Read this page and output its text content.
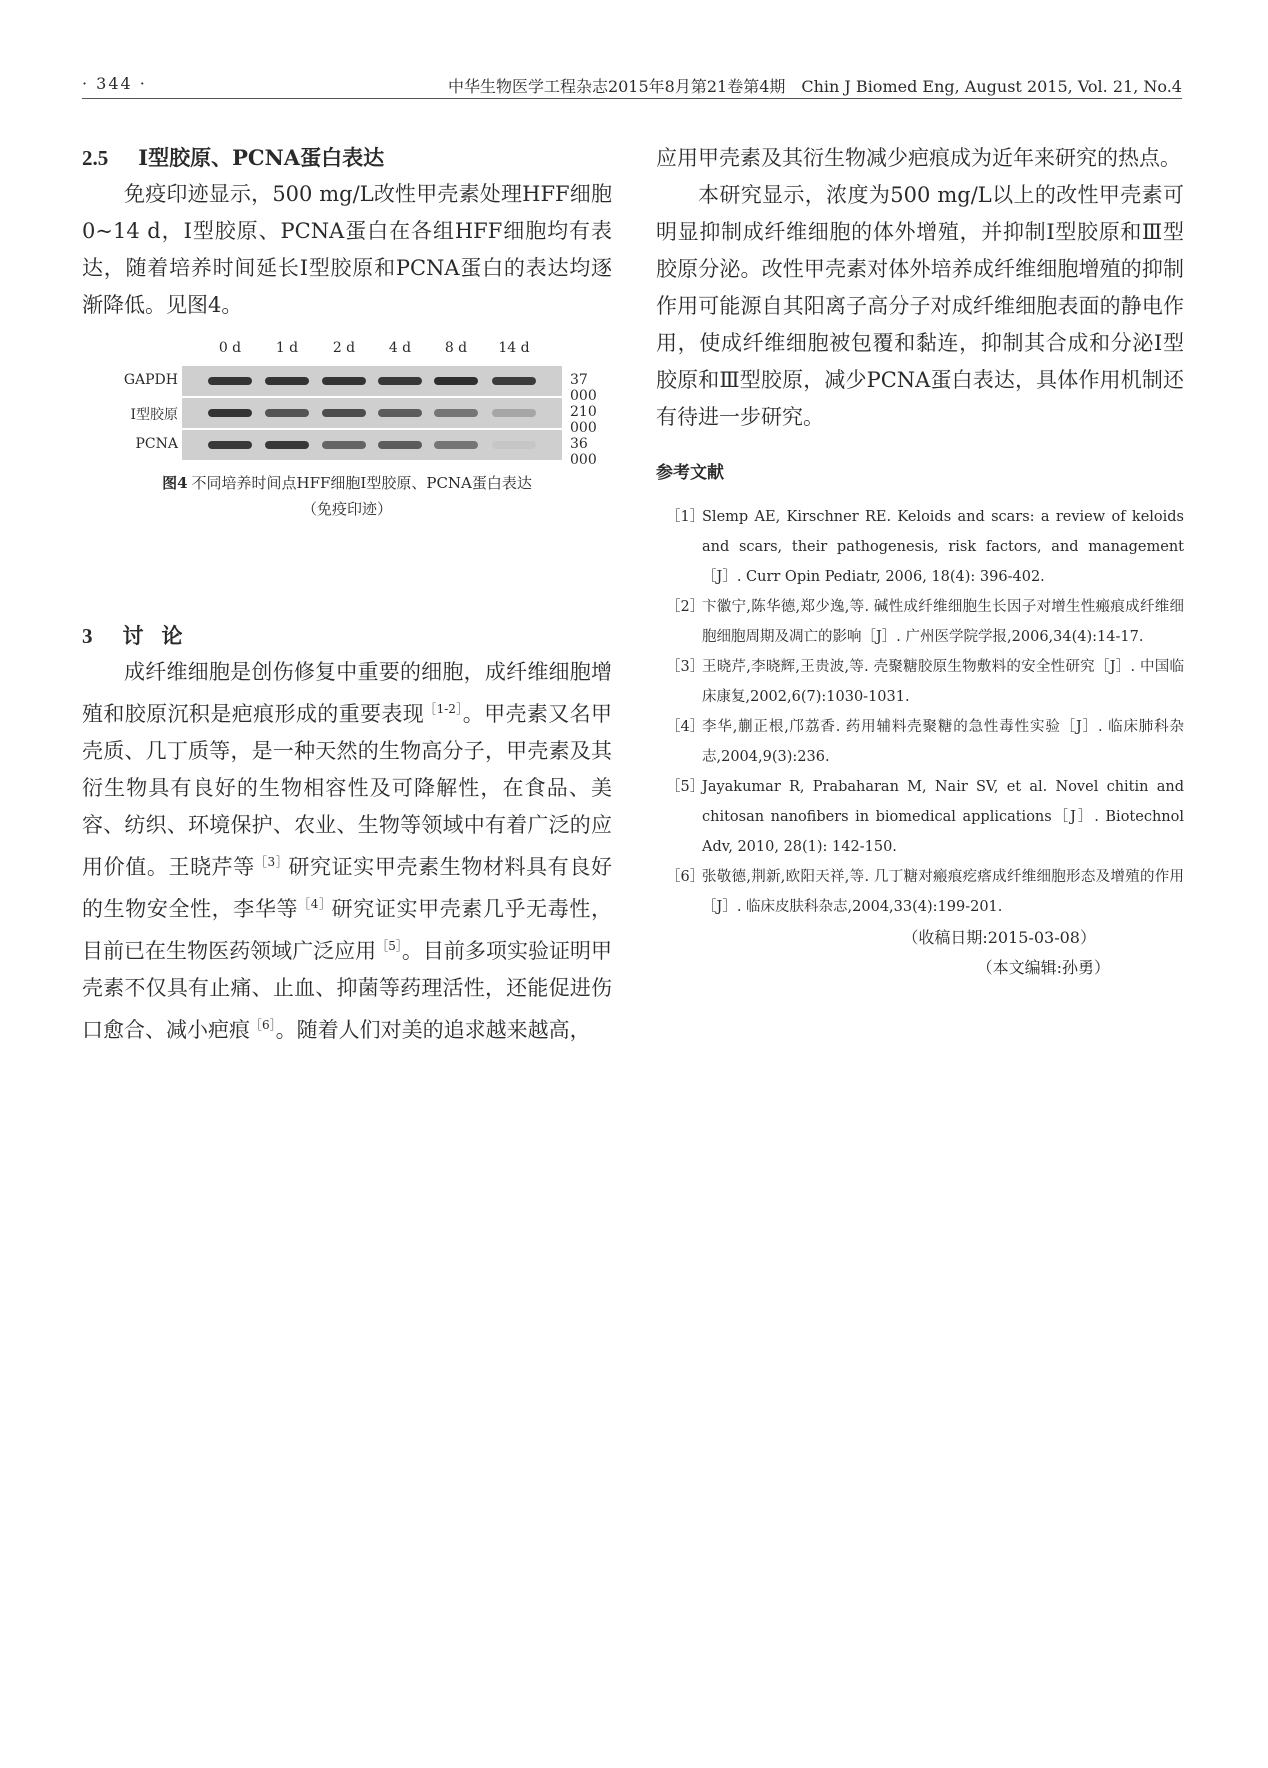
· 344 ·	中华生物医学工程杂志2015年8月第21卷第4期　Chin J Biomed Eng, August 2015, Vol. 21, No.4
2.5 Ⅰ型胶原、PCNA蛋白表达

免疫印迹显示，500 mg/L改性甲壳素处理HFF细胞0~14 d，Ⅰ型胶原、PCNA蛋白在各组HFF细胞均有表达，随着培养时间延长Ⅰ型胶原和PCNA蛋白的表达均逐渐降低。见图4。

0 d	1 d	2 d	4 d	8 d	14 d
GAPDH	37 000
Ⅰ型胶原	210 000
PCNA	36 000
图4 不同培养时间点HFF细胞Ⅰ型胶原、PCNA蛋白表达
（免疫印迹）
3 讨论

成纤维细胞是创伤修复中重要的细胞，成纤维细胞增殖和胶原沉积是疤痕形成的重要表现$^{[1-2]}$。甲壳素又名甲壳质、几丁质等，是一种天然的生物高分子，甲壳素及其衍生物具有良好的生物相容性及可降解性，在食品、美容、纺织、环境保护、农业、生物等领域中有着广泛的应用价值。王晓芹等$^{[3]}$研究证实甲壳素生物材料具有良好的生物安全性，李华等$^{[4]}$研究证实甲壳素几乎无毒性，目前已在生物医药领域广泛应用$^{[5]}$。目前多项实验证明甲壳素不仅具有止痛、止血、抑菌等药理活性，还能促进伤口愈合、减小疤痕$^{[6]}$。随着人们对美的追求越来越高，

应用甲壳素及其衍生物减少疤痕成为近年来研究的热点。

本研究显示，浓度为500 mg/L以上的改性甲壳素可明显抑制成纤维细胞的体外增殖，并抑制Ⅰ型胶原和Ⅲ型胶原分泌。改性甲壳素对体外培养成纤维细胞增殖的抑制作用可能源自其阳离子高分子对成纤维细胞表面的静电作用，使成纤维细胞被包覆和黏连，抑制其合成和分泌Ⅰ型胶原和Ⅲ型胶原，减少PCNA蛋白表达，具体作用机制还有待进一步研究。

参考文献
［1］
Slemp AE, Kirschner RE. Keloids and scars: a review of keloids and scars, their pathogenesis, risk factors, and management［J］. Curr Opin Pediatr, 2006, 18(4): 396-402.
［2］
卞徽宁,陈华德,郑少逸,等. 碱性成纤维细胞生长因子对增生性瘢痕成纤维细胞细胞周期及凋亡的影响［J］. 广州医学院学报,2006,34(4):14-17.
［3］
王晓芹,李晓辉,王贵波,等. 壳聚糖胶原生物敷料的安全性研究［J］. 中国临床康复,2002,6(7):1030-1031.
［4］
李华,蒯正根,邝荔香. 药用辅料壳聚糖的急性毒性实验［J］. 临床肺科杂志,2004,9(3):236.
［5］
Jayakumar R, Prabaharan M, Nair SV, et al. Novel chitin and chitosan nanofibers in biomedical applications［J］. Biotechnol Adv, 2010, 28(1): 142-150.
［6］
张敬德,荆新,欧阳天祥,等. 几丁糖对瘢痕疙瘩成纤维细胞形态及增殖的作用［J］. 临床皮肤科杂志,2004,33(4):199-201.
（收稿日期:2015-03-08）
（本文编辑:孙勇）
